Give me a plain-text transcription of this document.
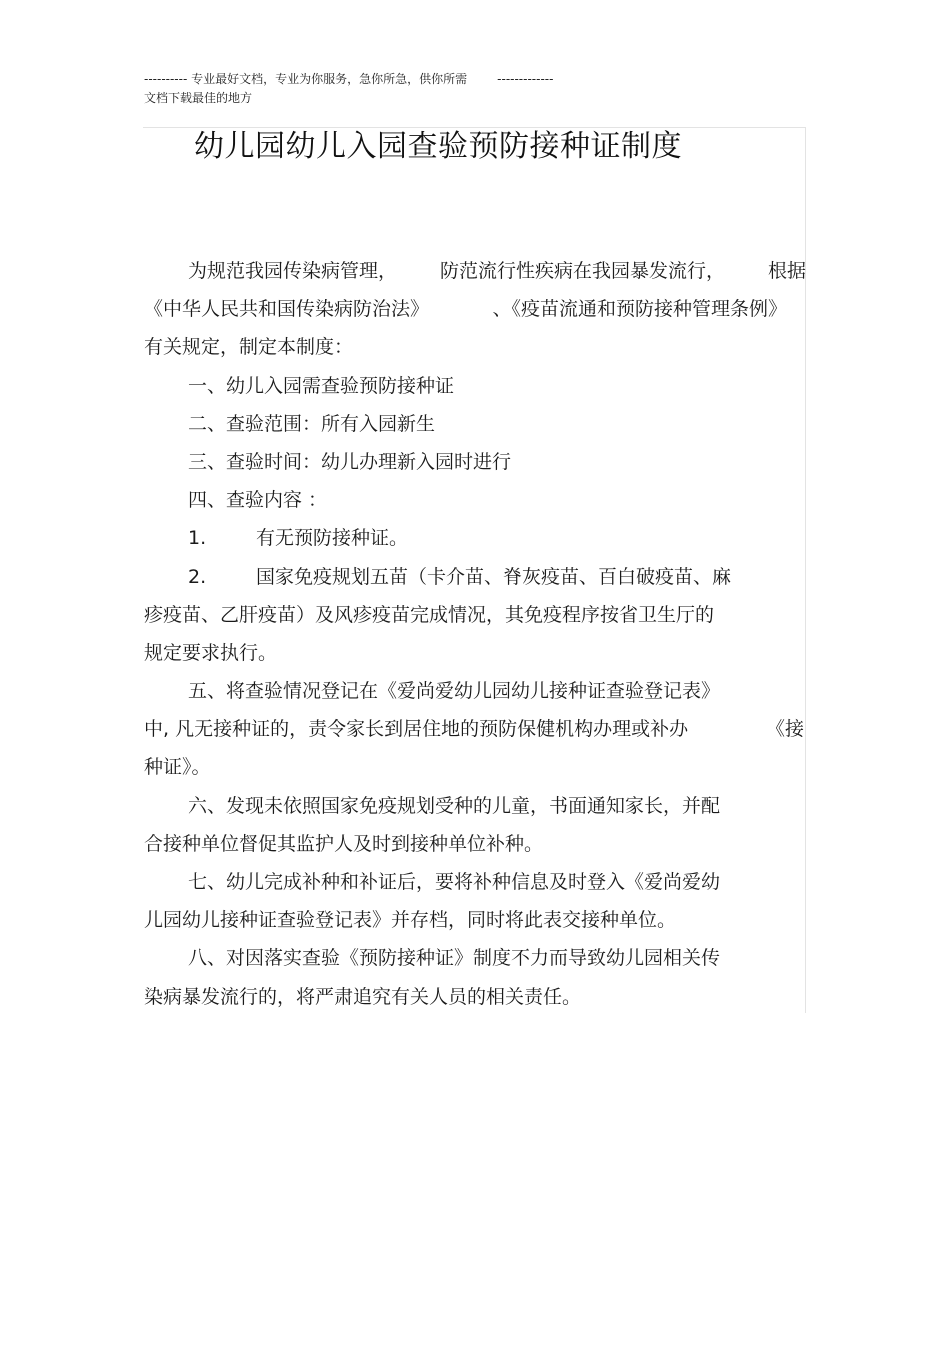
---------- 专业最好文档，专业为你服务，急你所急，供你所需	-------------
文档下载最佳的地方
幼儿园幼儿入园查验预防接种证制度
为规范我园传染病管理， 防范流行性疾病在我园暴发流行， 根据
《中华人民共和国传染病防治法》	、《疫苗流通和预防接种管理条例》
有关规定，制定本制度：
一、幼儿入园需查验预防接种证
二、查验范围：所有入园新生
三、查验时间：幼儿办理新入园时进行
四、查验内容 ：
1.	有无预防接种证。
2.	国家免疫规划五苗（卡介苗、脊灰疫苗、百白破疫苗、麻
疹疫苗、乙肝疫苗）及风疹疫苗完成情况，其免疫程序按省卫生厅的
规定要求执行。
五、将查验情况登记在《爱尚爱幼儿园幼儿接种证查验登记表》
中, 凡无接种证的，责令家长到居住地的预防保健机构办理或补办	《接
种证》。
六、发现未依照国家免疫规划受种的儿童，书面通知家长，并配
合接种单位督促其监护人及时到接种单位补种。
七、幼儿完成补种和补证后，要将补种信息及时登入《爱尚爱幼
儿园幼儿接种证查验登记表》并存档，同时将此表交接种单位。
八、对因落实查验《预防接种证》制度不力而导致幼儿园相关传
染病暴发流行的，将严肃追究有关人员的相关责任。
